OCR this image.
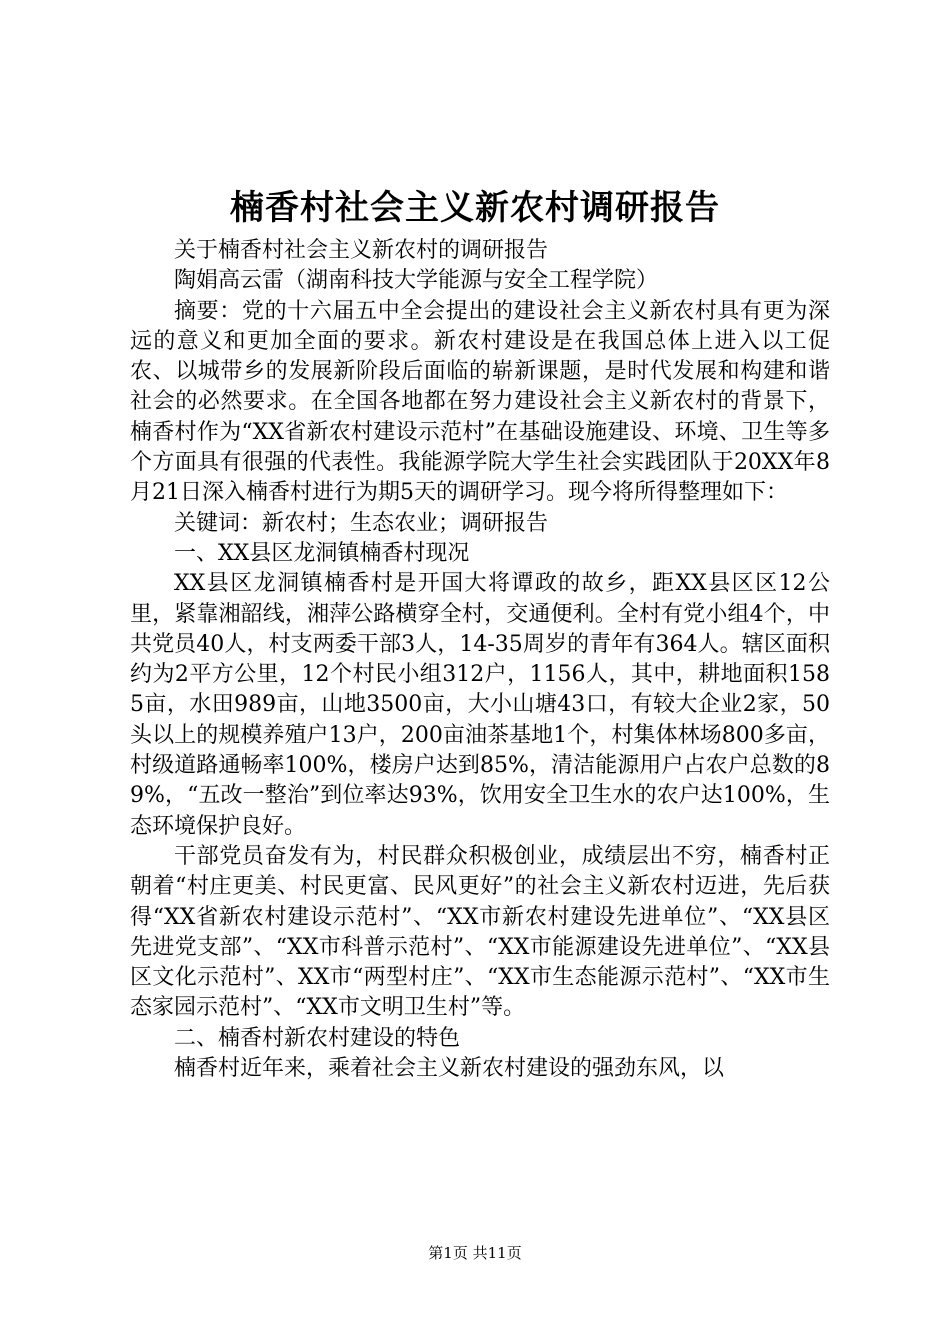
楠香村社会主义新农村调研报告

关于楠香村社会主义新农村的调研报告

陶娟高云雷（湖南科技大学能源与安全工程学院）

摘要：党的十六届五中全会提出的建设社会主义新农村具有更为深远的意义和更加全面的要求。新农村建设是在我国总体上进入以工促农、以城带乡的发展新阶段后面临的崭新课题，是时代发展和构建和谐社会的必然要求。在全国各地都在努力建设社会主义新农村的背景下，楠香村作为“XX省新农村建设示范村”在基础设施建设、环境、卫生等多个方面具有很强的代表性。我能源学院大学生社会实践团队于20XX年8月21日深入楠香村进行为期5天的调研学习。现今将所得整理如下：

关键词：新农村；生态农业；调研报告

一、XX县区龙洞镇楠香村现况

XX县区龙洞镇楠香村是开国大将谭政的故乡，距XX县区区12公里，紧靠湘韶线，湘萍公路横穿全村，交通便利。全村有党小组4个，中共党员40人，村支两委干部3人，14-35周岁的青年有364人。辖区面积约为2平方公里，12个村民小组312户，1156人，其中，耕地面积1585亩，水田989亩，山地3500亩，大小山塘43口，有较大企业2家，50头以上的规模养殖户13户，200亩油茶基地1个，村集体林场800多亩，村级道路通畅率100%，楼房户达到85%，清洁能源用户占农户总数的89%，“五改一整治”到位率达93%，饮用安全卫生水的农户达100%，生态环境保护良好。

干部党员奋发有为，村民群众积极创业，成绩层出不穷，楠香村正朝着“村庄更美、村民更富、民风更好”的社会主义新农村迈进，先后获得“XX省新农村建设示范村”、“XX市新农村建设先进单位”、“XX县区先进党支部”、“XX市科普示范村”、“XX市能源建设先进单位”、“XX县区文化示范村”、XX市“两型村庄”、“XX市生态能源示范村”、“XX市生态家园示范村”、“XX市文明卫生村”等。

二、楠香村新农村建设的特色

楠香村近年来，乘着社会主义新农村建设的强劲东风，以

第1页 共11页
